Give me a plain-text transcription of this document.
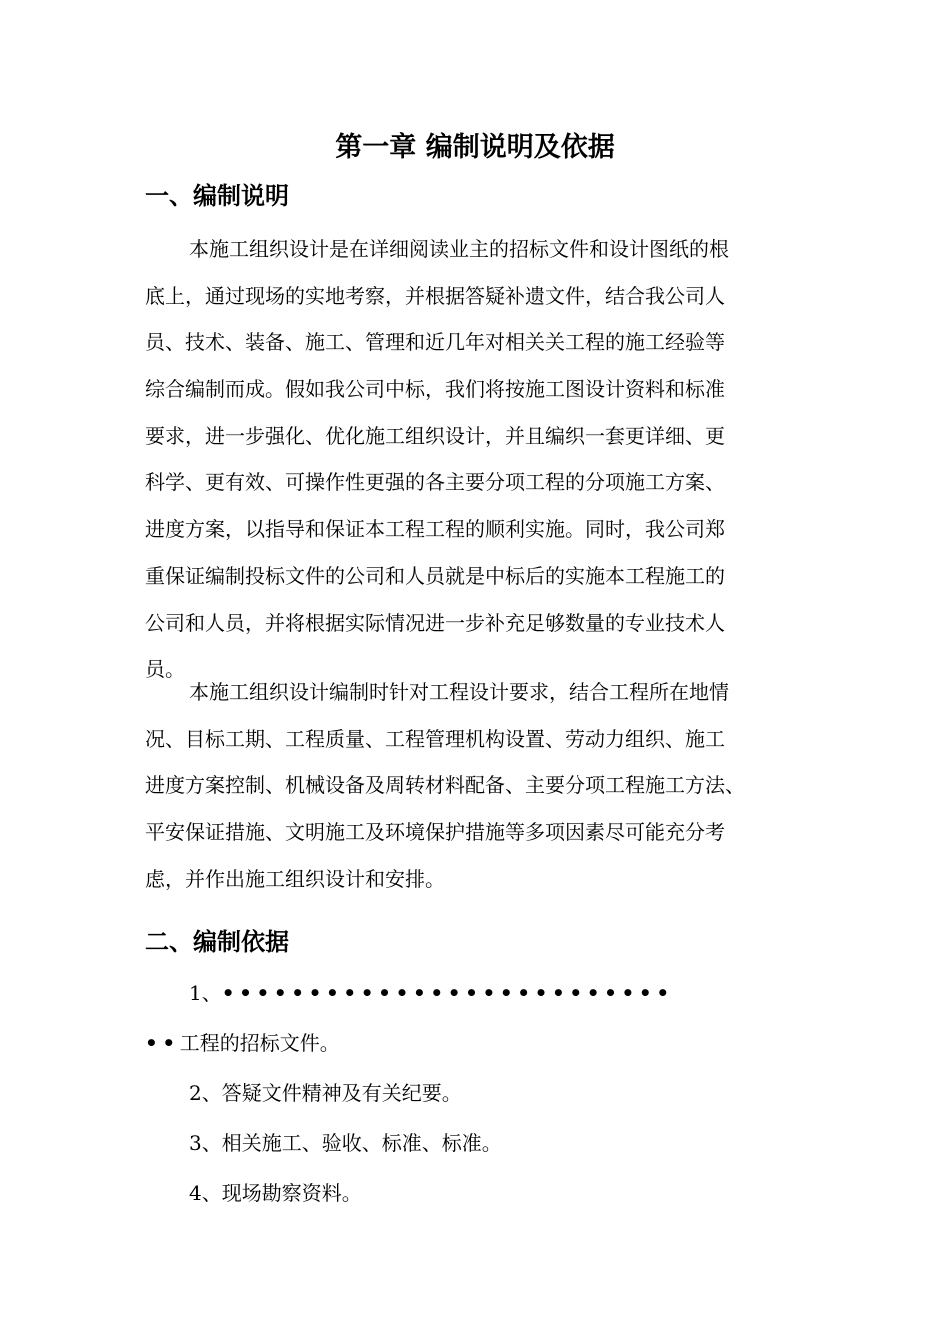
第一章 编制说明及依据
一、编制说明
本施工组织设计是在详细阅读业主的招标文件和设计图纸的根
底上，通过现场的实地考察，并根据答疑补遗文件，结合我公司人
员、技术、装备、施工、管理和近几年对相关关工程的施工经验等
综合编制而成。假如我公司中标，我们将按施工图设计资料和标准
要求，进一步强化、优化施工组织设计，并且编织一套更详细、更
科学、更有效、可操作性更强的各主要分项工程的分项施工方案、
进度方案，以指导和保证本工程工程的顺利实施。同时，我公司郑
重保证编制投标文件的公司和人员就是中标后的实施本工程施工的
公司和人员，并将根据实际情况进一步补充足够数量的专业技术人
员。
本施工组织设计编制时针对工程设计要求，结合工程所在地情
况、目标工期、工程质量、工程管理机构设置、劳动力组织、施工
进度方案控制、机械设备及周转材料配备、主要分项工程施工方法、
平安保证措施、文明施工及环境保护措施等多项因素尽可能充分考
虑，并作出施工组织设计和安排。
二、编制依据
1、••••••••••••••••••••••••••
••工程的招标文件。
2、答疑文件精神及有关纪要。
3、相关施工、验收、标准、标准。
4、现场勘察资料。
